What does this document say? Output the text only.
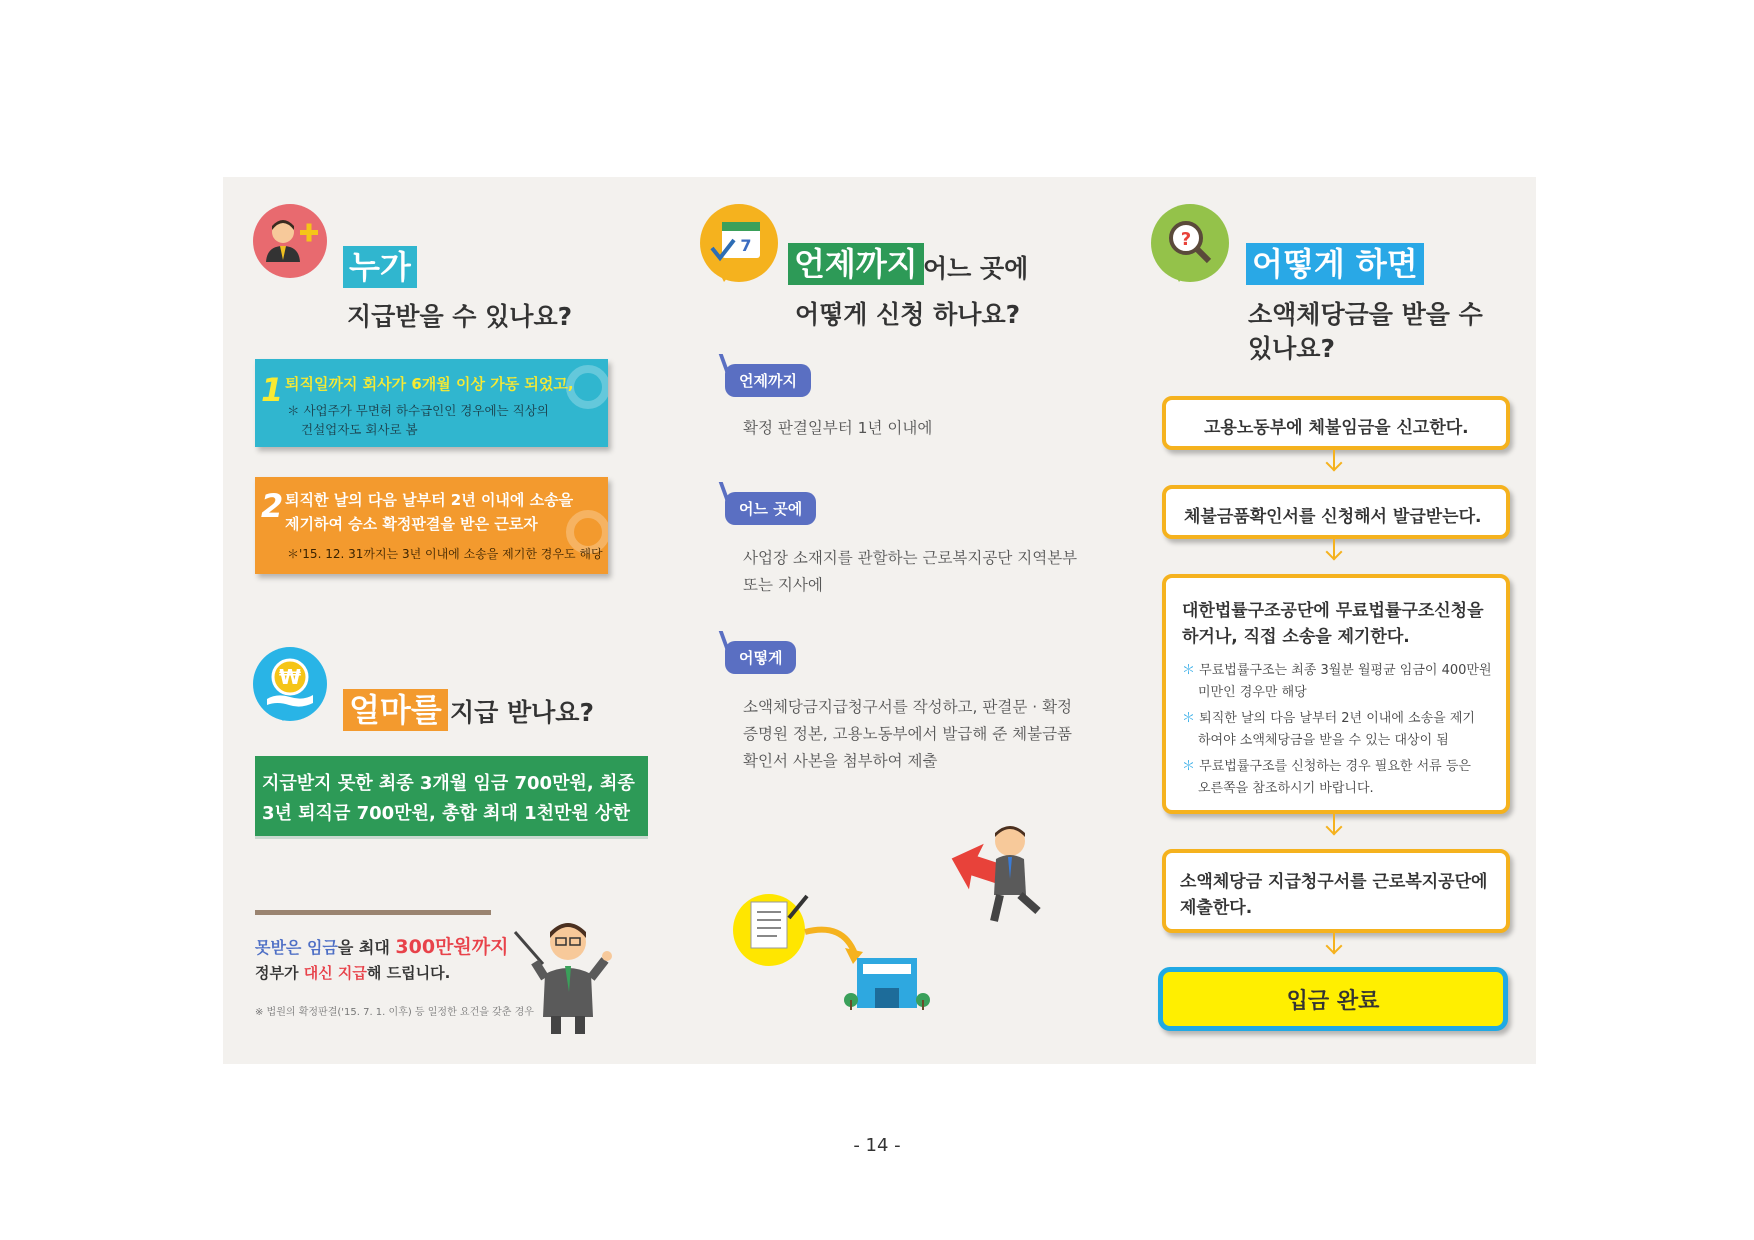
누가
지급받을 수 있나요?
1 퇴직일까지 회사가 6개월 이상 가동 되었고,
＊ 사업주가 무면허 하수급인인 경우에는 직상의
건설업자도 회사로 봄
2 퇴직한 날의 다음 날부터 2년 이내에 소송을
제기하여 승소 확정판결을 받은 근로자
＊'15. 12. 31까지는 3년 이내에 소송을 제기한 경우도 해당
₩
얼마를 지급 받나요?
지급받지 못한 최종 3개월 임금 700만원, 최종
3년 퇴직금 700만원, 총합 최대 1천만원 상한
못받은 임금을 최대 300만원까지
정부가 대신 지급해 드립니다.
※ 법원의 확정판결('15. 7. 1. 이후) 등 일정한 요건을 갖춘 경우
7 언제까지 어느 곳에
어떻게 신청 하나요?
언제까지
확정 판결일부터 1년 이내에
어느 곳에
사업장 소재지를 관할하는 근로복지공단 지역본부
또는 지사에
어떻게
소액체당금지급청구서를 작성하고, 판결문 · 확정
증명원 정본, 고용노동부에서 발급해 준 체불금품
확인서 사본을 첨부하여 제출
?
어떻게 하면
소액체당금을 받을 수
있나요?
고용노동부에 체불임금을 신고한다.
체불금품확인서를 신청해서 발급받는다.
대한법률구조공단에 무료법률구조신청을
하거나, 직접 소송을 제기한다.
＊ 무료법률구조는 최종 3월분 월평균 임금이 400만원
미만인 경우만 해당
＊ 퇴직한 날의 다음 날부터 2년 이내에 소송을 제기
하여야 소액체당금을 받을 수 있는 대상이 됨
＊ 무료법률구조를 신청하는 경우 필요한 서류 등은
오른쪽을 참조하시기 바랍니다.
소액체당금 지급청구서를 근로복지공단에
제출한다.
입금 완료
- 14 -
